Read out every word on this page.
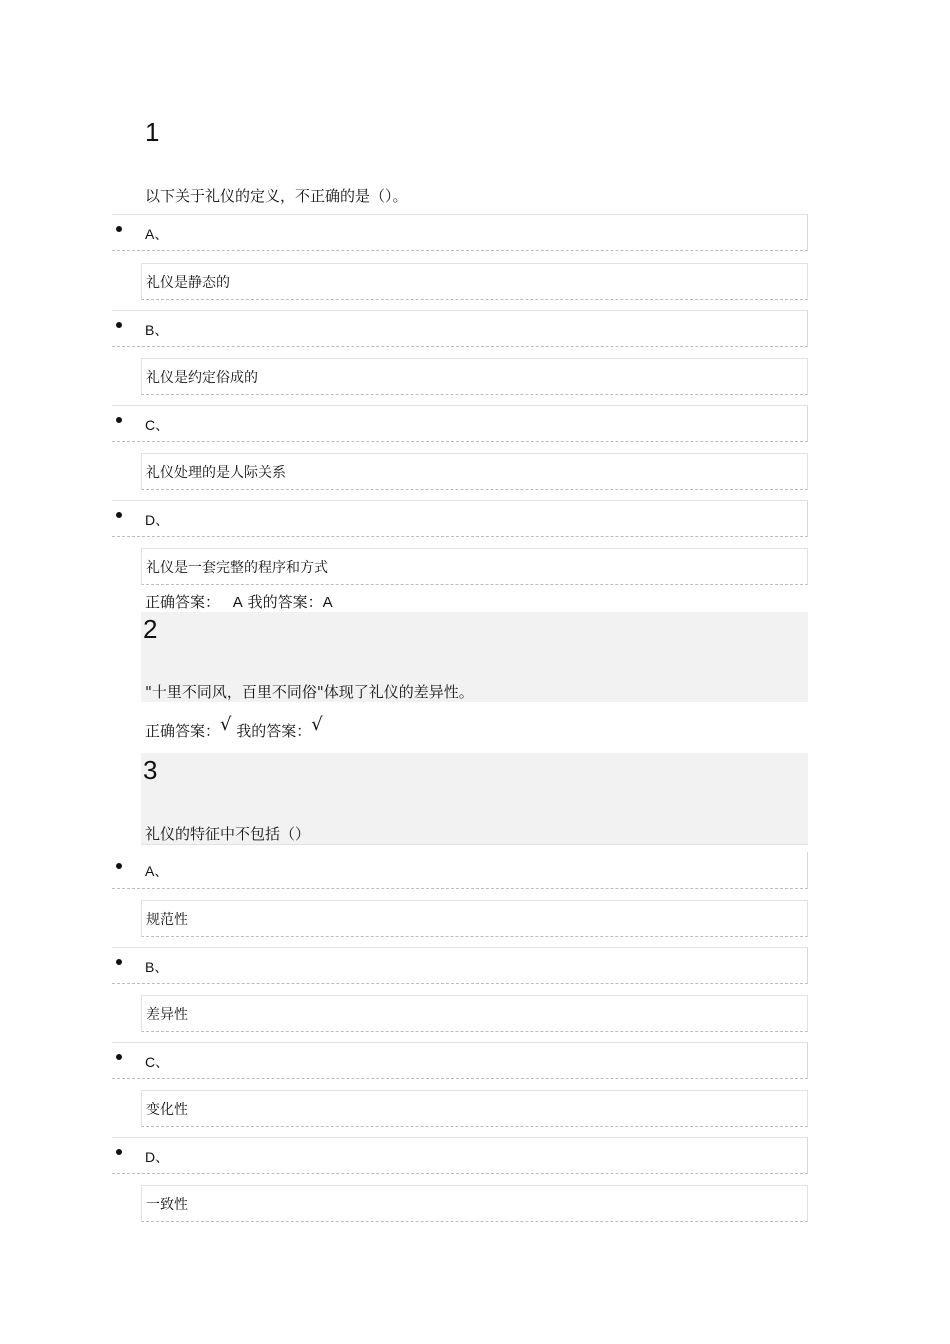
1
以下关于礼仪的定义，不正确的是（）。
A、
礼仪是静态的
B、
礼仪是约定俗成的
C、
礼仪处理的是人际关系
D、
礼仪是一套完整的程序和方式
正确答案： A 我的答案：A
2
"十里不同风，百里不同俗"体现了礼仪的差异性。
正确答案：√ 我的答案：√
3
礼仪的特征中不包括（）
A、
规范性
B、
差异性
C、
变化性
D、
一致性
